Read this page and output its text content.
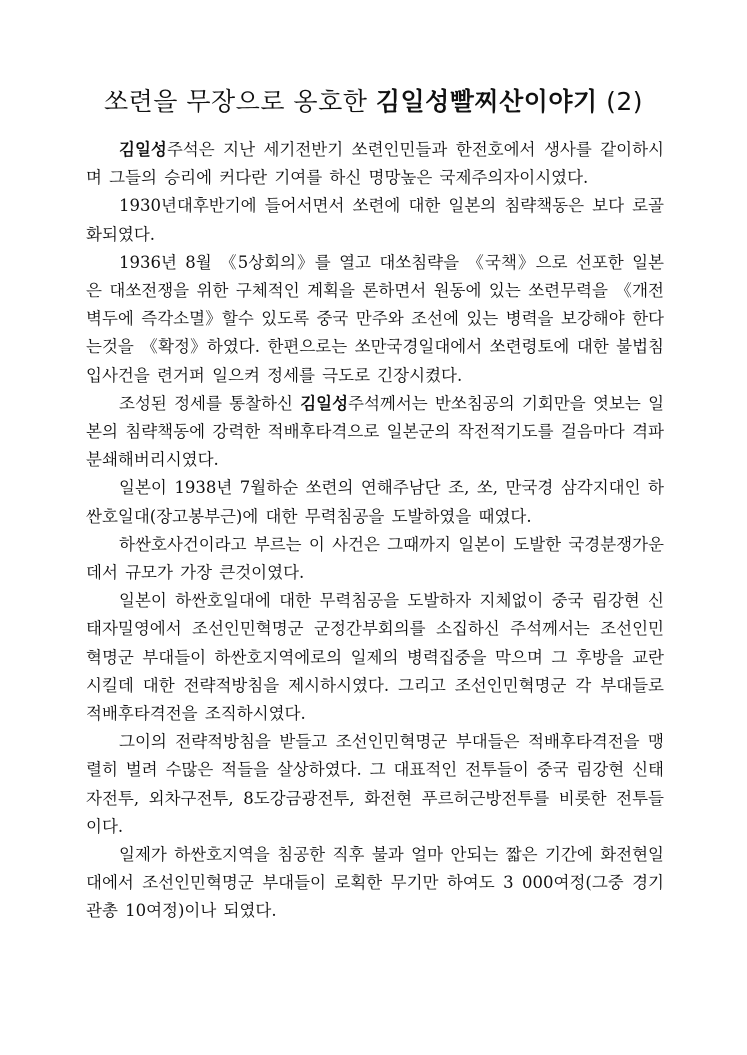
쏘련을 무장으로 옹호한 김일성빨찌산이야기 (2)

김일성주석은 지난 세기전반기 쏘련인민들과 한전호에서 생사를 같이하시며 그들의 승리에 커다란 기여를 하신 명망높은 국제주의자이시였다.

1930년대후반기에 들어서면서 쏘련에 대한 일본의 침략책동은 보다 로골화되였다.

1936년 8월 《5상회의》를 열고 대쏘침략을 《국책》으로 선포한 일본은 대쏘전쟁을 위한 구체적인 계획을 론하면서 원동에 있는 쏘련무력을 《개전벽두에 즉각소멸》할수 있도록 중국 만주와 조선에 있는 병력을 보강해야 한다는것을 《확정》하였다. 한편으로는 쏘만국경일대에서 쏘련령토에 대한 불법침입사건을 련거퍼 일으켜 정세를 극도로 긴장시켰다.

조성된 정세를 통찰하신 김일성주석께서는 반쏘침공의 기회만을 엿보는 일본의 침략책동에 강력한 적배후타격으로 일본군의 작전적기도를 걸음마다 격파분쇄해버리시였다.

일본이 1938년 7월하순 쏘련의 연해주남단 조, 쏘, 만국경 삼각지대인 하싼호일대(장고봉부근)에 대한 무력침공을 도발하였을 때였다.

하싼호사건이라고 부르는 이 사건은 그때까지 일본이 도발한 국경분쟁가운데서 규모가 가장 큰것이였다.

일본이 하싼호일대에 대한 무력침공을 도발하자 지체없이 중국 림강현 신태자밀영에서 조선인민혁명군 군정간부회의를 소집하신 주석께서는 조선인민혁명군 부대들이 하싼호지역에로의 일제의 병력집중을 막으며 그 후방을 교란시킬데 대한 전략적방침을 제시하시였다. 그리고 조선인민혁명군 각 부대들로 적배후타격전을 조직하시였다.

그이의 전략적방침을 받들고 조선인민혁명군 부대들은 적배후타격전을 맹렬히 벌려 수많은 적들을 살상하였다. 그 대표적인 전투들이 중국 림강현 신태자전투, 외차구전투, 8도강금광전투, 화전현 푸르허근방전투를 비롯한 전투들이다.

일제가 하싼호지역을 침공한 직후 불과 얼마 안되는 짧은 기간에 화전현일대에서 조선인민혁명군 부대들이 로획한 무기만 하여도 3 000여정(그중 경기관총 10여정)이나 되였다.
